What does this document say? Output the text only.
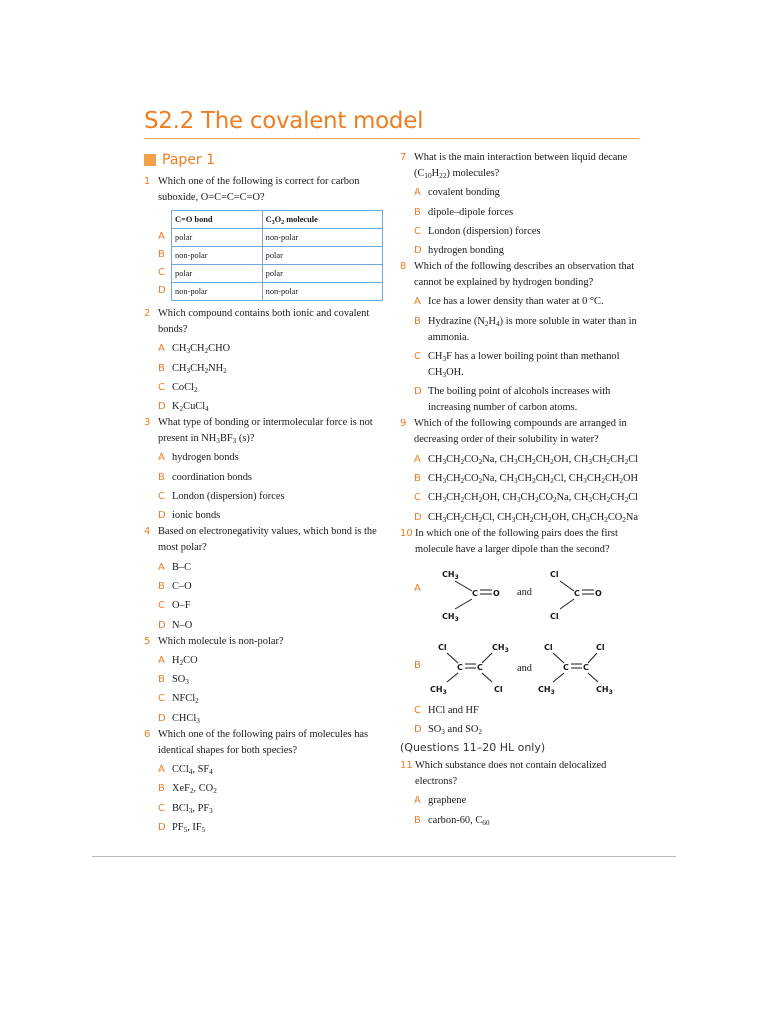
S2.2 The covalent model
Paper 1
1 Which one of the following is correct for carbon suboxide, O=C=C=C=O?
A
B
C
D
C=O bond	$C_3O_2$ molecule
polar	non-polar
non-polar	polar
polar	polar
non-polar	non-polar
2 Which compound contains both ionic and covalent bonds?
A $CH_3CH_2CHO$
B $CH_3CH_2NH_2$
C CoCl$_2$
D $K_2CuCl_4$
3 What type of bonding or intermolecular force is not present in $NH_3BF_3$ (s)?
A hydrogen bonds
B coordination bonds
C London (dispersion) forces
D ionic bonds
4 Based on electronegativity values, which bond is the most polar?
A B–C
B C–O
C O–F
D N–O
5 Which molecule is non-polar?
A $H_2CO$
B $SO_3$
C NFCl$_2$
D CHCl$_3$
6 Which one of the following pairs of molecules has identical shapes for both species?
A CCl$_4$, $SF_4$
B XeF$_2$, $CO_2$
C BCl$_3$, $PF_3$
D $PF_5$, $IF_5$
7 What is the main interaction between liquid decane $(C_{10}H_{22})$ molecules?
A covalent bonding
B dipole–dipole forces
C London (dispersion) forces
D hydrogen bonding
8 Which of the following describes an observation that cannot be explained by hydrogen bonding?
A Ice has a lower density than water at 0 °C.
B Hydrazine $(N_2H_4)$ is more soluble in water than in ammonia.
C $CH_3F$ has a lower boiling point than methanol $CH_3OH$.
D The boiling point of alcohols increases with increasing number of carbon atoms.
9 Which of the following compounds are arranged in decreasing order of their solubility in water?
A $CH_3CH_2CO_2Na$, $CH_3CH_2CH_2OH$, $CH_3CH_2CH_2Cl$
B $CH_3CH_2CO_2Na$, $CH_3CH_2CH_2Cl$, $CH_3CH_2CH_2OH$
C $CH_3CH_2CH_2OH$, $CH_3CH_2CO_2Na$, $CH_3CH_2CH_2Cl$
D $CH_3CH_2CH_2Cl$, $CH_3CH_2CH_2OH$, $CH_3CH_2CO_2Na$
10 In which one of the following pairs does the first molecule have a larger dipole than the second?
A
$CH_3$
C O
$CH_3$
and
Cl
C O
Cl
B
Cl	$CH_3$
C C
$CH_3$	Cl
and
Cl	Cl
C C
$CH_3$	$CH_3$
C HCl and HF
D $SO_3$ and $SO_2$
(Questions 11–20 HL only)
11 Which substance does not contain delocalized electrons?
A graphene
B carbon-60, $C_{60}$
